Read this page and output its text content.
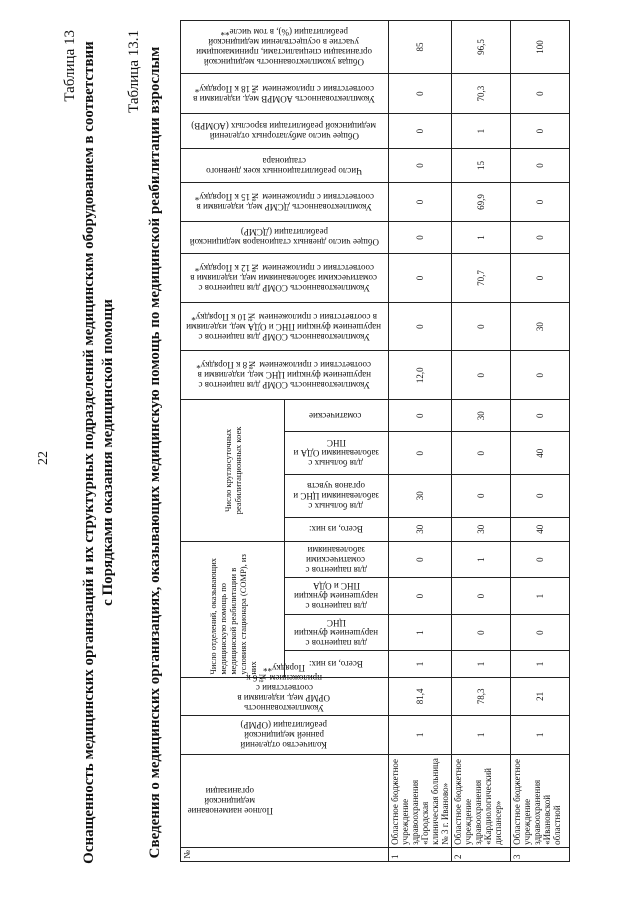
22
Таблица 13 Оснащенность медицинских организаций и их структурных подразделений медицинским оборудованием в соответствии с Порядками оказания медицинской помощи
Таблица 13.1 Сведения о медицинских организациях, оказывающих медицинскую помощь по медицинской реабилитации взрослым №	Полное наименование медицинской организации	Количество отделений ранней медицинской реабилитации (ОРМР)	Укомплектованность ОРМР мед. изделиями в соответствии с приложением №6 к Порядку**	Число отделений, оказывающих медицинскую помощь по медицинской реабилитации в условиях стационара (СОМР), из них				Число круглосуточных реабилитационных коек				Укомплектованность СОМР для пациентов с нарушением функции ЦНС мед. изделиями в соответствии с приложением №8 к Порядку*	Укомплектованность СОМР для пациентов с нарушением функции ПНС и ОДА мед. изделиями в соответствии с приложением №10 к Порядку*	Укомплектованность СОМР для пациентов с соматическими заболеваниями мед. изделиями в соответствии с приложением №12 к Порядку*	Общее число дневных стационаров медицинской реабилитации (ДСМР)	Укомплектованность ДСМР мед. изделиями в соответствии с приложением №15 к Порядку*	Число реабилитационных коек дневного стационара	Общее число амбулаторных отделений медицинской реабилитации взрослых (АОМРВ)	Укомплектованность АОМРВ мед. изделиями в соответствии с приложением №18 к Порядку*	Общая укомплектованность медицинской организации специалистами, принимающими участие в осуществлении медицинской реабилитации (%), в том числе**
				Всего, из них:	для пациентов с нарушением функции ЦНС	для пациентов с нарушением функции ПНС и ОДА	для пациентов с соматическими заболеваниями	Всего, из них:	для больных с заболеваниями ЦНС и органов чувств	для больных с заболеваниями ОДА и ПНС	соматические									
1	Областное бюджетное учреждение здравоохранения «Городская клиническая больница № 3 г. Иваново»	1	81,4	1	1	0	0	30	30	0	0	12,0	0	0	0	0	0	0	0	85
2	Областное бюджетное учреждение здравоохранения «Кардиологический диспансер»	1	78,3	1	0	0	1	30	0	0	30	0	0	70,7	1	69,9	15	1	70,3	96,5
3	Областное бюджетное учреждение здравоохранения «Ивановской областной	1	21	1	0	1	0	40	0	40	0	0	30	0	0	0	0	0	0	100
